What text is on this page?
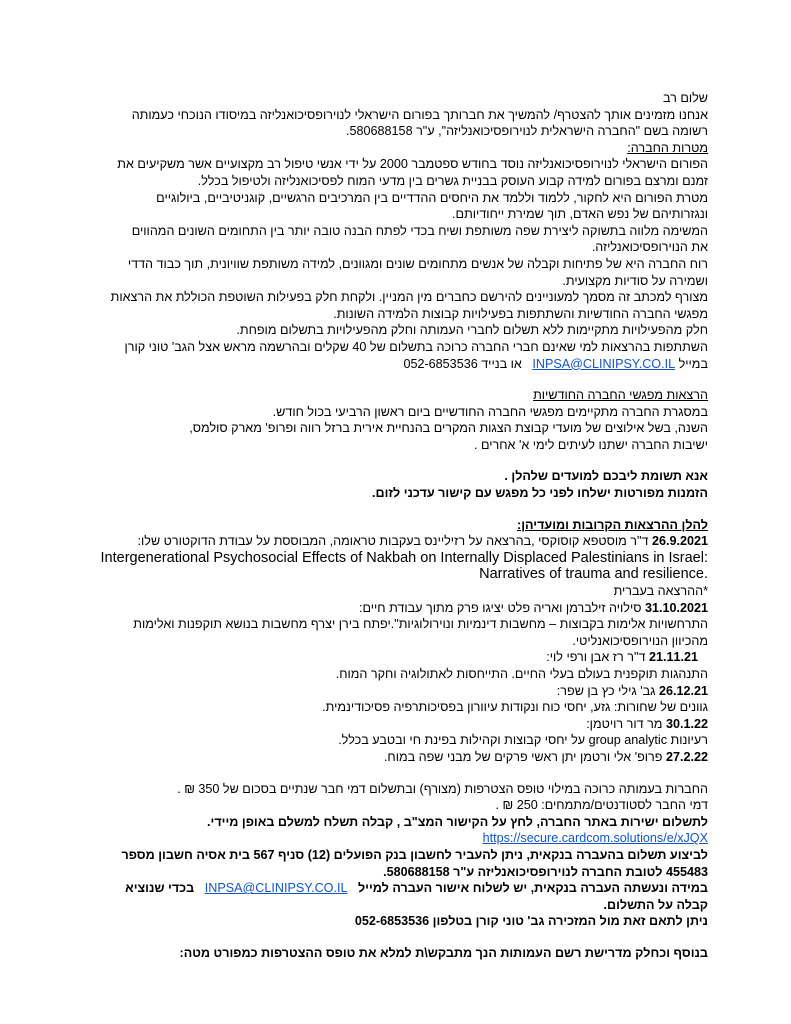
שלום רב

אנחנו מזמינים אותך להצטרף/ להמשיך את חברותך בפורום הישראלי לנוירופסיכואנליזה במיסודו הנוכחי כעמותה

רשומה בשם "החברה הישראלית לנוירופסיכואנליזה", ע"ר 580688158.

מטרות החברה:

הפורום הישראלי לנוירופסיכואנליזה נוסד בחודש ספטמבר 2000 על ידי אנשי טיפול רב מקצועיים אשר משקיעים את

זמנם ומרצם בפורום למידה קבוע העוסק בבניית גשרים בין מדעי המוח לפסיכואנליזה ולטיפול בכלל.

מטרת הפורום היא לחקור, ללמוד וללמד את היחסים ההדדיים בין המרכיבים הרגשיים, קוגניטיביים, ביולוגיים

ונגזרותיהם של נפש האדם, תוך שמירת ייחודיותם.

המשימה מלווה בתשוקה ליצירת שפה משותפת ושיח בכדי לפתח הבנה טובה יותר בין התחומים השונים המהווים

את הנוירופסיכואנליזה.

רוח החברה היא של פתיחות וקבלה של אנשים מתחומים שונים ומגוונים, למידה משותפת שוויונית, תוך כבוד הדדי

ושמירה על סודיות מקצועית.

מצורף למכתב זה מסמך למעוניינים להירשם כחברים מין המניין. ולקחת חלק בפעילות השוטפת הכוללת את הרצאות

מפגשי החברה החודשיות והשתתפות בפעילויות קבוצות הלמידה השונות.

חלק מהפעילויות מתקיימות ללא תשלום לחברי העמותה וחלק מהפעילויות בתשלום מופחת.

השתתפות בהרצאות למי שאינם חברי החברה כרוכה בתשלום של 40 שקלים ובהרשמה מראש אצל הגב' טוני קורן

במייל INPSA@CLINIPSY.CO.IL   או בנייד 052-6853536

הרצאות מפגשי החברה החודשיות

במסגרת החברה מתקיימים מפגשי החברה החודשיים ביום ראשון הרביעי בכול חודש.

השנה, בשל אילוצים של מועדי קבוצת הצגות המקרים בהנחיית אירית ברזל רווה ופרופ' מארק סולמס,

ישיבות החברה ישתנו לעיתים לימי א' אחרים .

אנא תשומת ליבכם למועדים שלהלן .

הזמנות מפורטות ישלחו לפני כל מפגש עם קישור עדכני לזום.

להלן ההרצאות הקרובות ומועדיהן:

26.9.2021 ד"ר מוסטפא קוסוקסי ,בהרצאה על רזיליינס בעקבות טראומה, המבוססת על עבודת הדוקטורט שלו:

Intergenerational Psychosocial Effects of Nakbah on Internally Displaced Palestinians in Israel:

Narratives of trauma and resilience.

*ההרצאה בעברית

31.10.2021 סילויה זילברמן ואריה פלט יציגו פרק מתוך עבודת חיים:

התרחשויות אלימות בקבוצות – מחשבות דינמיות ונוירולוגיות".יפתח בירן יצרף מחשבות בנושא תוקפנות ואלימות

מהכיוון הנוירופסיכואנליטי.

21.11.21 ד"ר רז אבן ורפי לוי:

התנהגות תוקפנית בעולם בעלי החיים. התייחסות לאתולוגיה וחקר המוח.

26.12.21 גב' גילי כץ בן שפר:

גוונים של שחורות: גזע, יחסי כוח ונקודות עיוורון בפסיכותרפיה פסיכודינמית.

30.1.22 מר דור רויטמן:

רעיונות group analytic על יחסי קבוצות וקהילות בפינת חי ובטבע בכלל.

27.2.22 פרופ' אלי ורטמן יתן ראשי פרקים של מבני שפה במוח.

החברות בעמותה כרוכה במילוי טופס הצטרפות (מצורף) ובתשלום דמי חבר שנתיים בסכום של 350 ₪ .

דמי החבר לסטודנטים/מתמחים: 250 ₪ .

לתשלום ישירות באתר החברה, לחץ על הקישור המצ"ב , קבלה תשלח למשלם באופן מיידי.

https://secure.cardcom.solutions/e/xJQX

לביצוע תשלום בהעברה בנקאית, ניתן להעביר לחשבון בנק הפועלים (12) סניף 567 בית אסיה חשבון מספר

455483 לטובת החברה לנוירופסיכואנליזה ע"ר 580688158.

במידה ונעשתה העברה בנקאית, יש לשלוח אישור העברה למייל   INPSA@CLINIPSY.CO.IL   בכדי שנוציא

קבלה על התשלום.

ניתן לתאם זאת מול המזכירה גב' טוני קורן בטלפון 052-6853536

בנוסף וכחלק מדרישת רשם העמותות הנך מתבקש\ת למלא את טופס ההצטרפות כמפורט מטה:
